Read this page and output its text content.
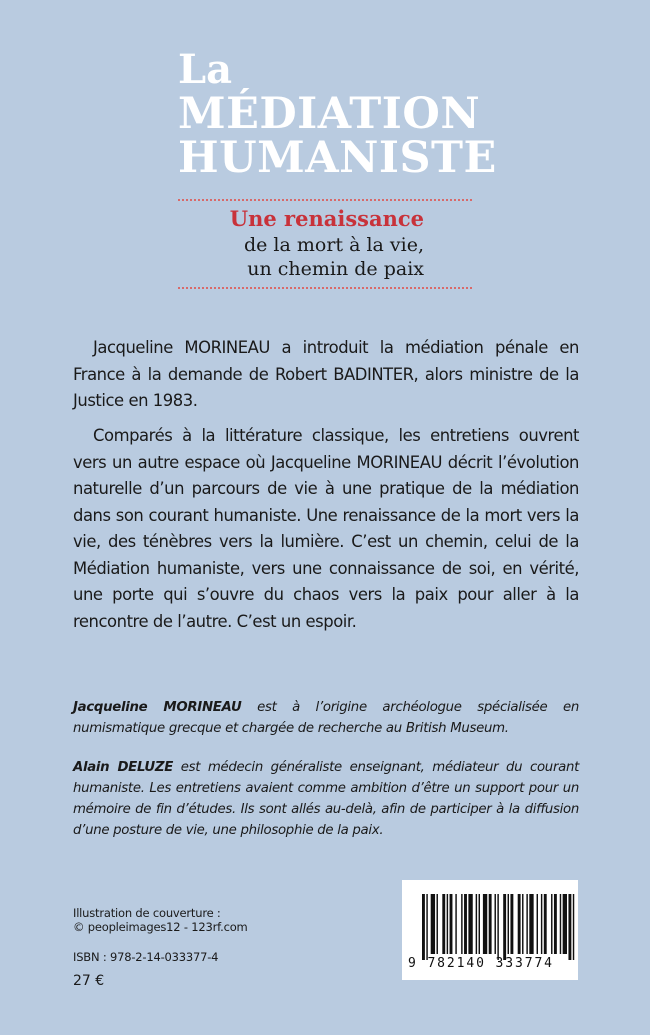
La
MÉDIATION
HUMANISTE
Une renaissance
de la mort à la vie,
un chemin de paix
Jacqueline MORINEAU a introduit la médiation pénale en France à la demande de Robert BADINTER, alors ministre de la Justice en 1983.
Comparés à la littérature classique, les entretiens ouvrent vers un autre espace où Jacqueline MORINEAU décrit l’évolution naturelle d’un parcours de vie à une pratique de la médiation dans son courant humaniste. Une renaissance de la mort vers la vie, des ténèbres vers la lumière. C’est un chemin, celui de la Médiation humaniste, vers une connaissance de soi, en vérité, une porte qui s’ouvre du chaos vers la paix pour aller à la rencontre de l’autre. C’est un espoir.
Jacqueline MORINEAU est à l’origine archéologue spécialisée en numismatique grecque et chargée de recherche au British Museum.
Alain DELUZE est médecin généraliste enseignant, médiateur du courant humaniste. Les entretiens avaient comme ambition d’être un support pour un mémoire de fin d’études. Ils sont allés au-delà, afin de participer à la diffusion d’une posture de vie, une philosophie de la paix.
Illustration de couverture :
© peopleimages12 - 123rf.com
ISBN : 978-2-14-033377-4
27 €
9 782140 333774
